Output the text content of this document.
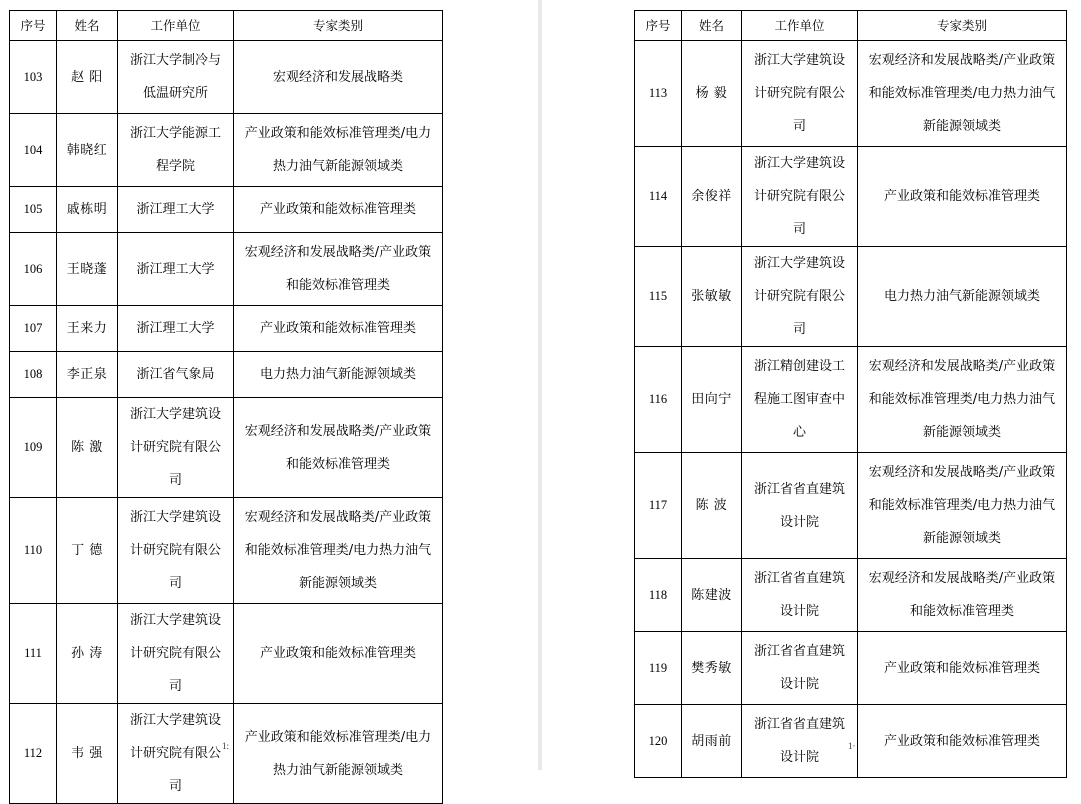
序号	姓名	工作单位	专家类别
103	赵 阳	浙江大学制冷与低温研究所	宏观经济和发展战略类
104	韩晓红	浙江大学能源工程学院	产业政策和能效标准管理类/电力热力油气新能源领域类
105	戚栋明	浙江理工大学	产业政策和能效标准管理类
106	王晓蓬	浙江理工大学	宏观经济和发展战略类/产业政策和能效标准管理类
107	王来力	浙江理工大学	产业政策和能效标准管理类
108	李正泉	浙江省气象局	电力热力油气新能源领域类
109	陈 激	浙江大学建筑设计研究院有限公司	宏观经济和发展战略类/产业政策和能效标准管理类
110	丁 德	浙江大学建筑设计研究院有限公司	宏观经济和发展战略类/产业政策和能效标准管理类/电力热力油气新能源领域类
111	孙 涛	浙江大学建筑设计研究院有限公司	产业政策和能效标准管理类
112	韦 强	浙江大学建筑设计研究院有限公司	产业政策和能效标准管理类/电力热力油气新能源领域类
1:
序号	姓名	工作单位	专家类别
113	杨 毅	浙江大学建筑设计研究院有限公司	宏观经济和发展战略类/产业政策和能效标准管理类/电力热力油气新能源领域类
114	余俊祥	浙江大学建筑设计研究院有限公司	产业政策和能效标准管理类
115	张敏敏	浙江大学建筑设计研究院有限公司	电力热力油气新能源领域类
116	田向宁	浙江精创建设工程施工图审查中心	宏观经济和发展战略类/产业政策和能效标准管理类/电力热力油气新能源领域类
117	陈 波	浙江省省直建筑设计院	宏观经济和发展战略类/产业政策和能效标准管理类/电力热力油气新能源领域类
118	陈建波	浙江省省直建筑设计院	宏观经济和发展战略类/产业政策和能效标准管理类
119	樊秀敏	浙江省省直建筑设计院	产业政策和能效标准管理类
120	胡雨前	浙江省省直建筑设计院	产业政策和能效标准管理类
1·
